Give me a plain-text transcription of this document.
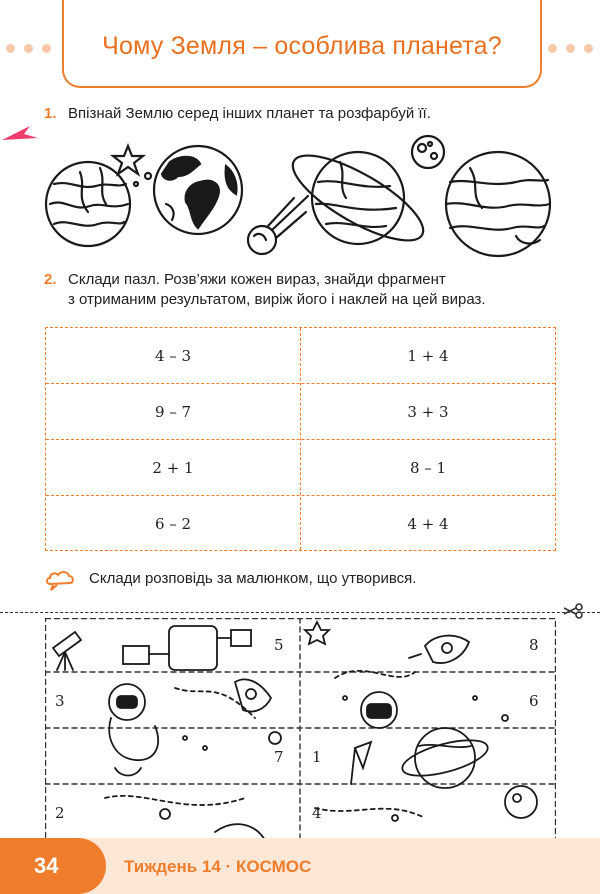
Чому Земля – особлива планета?
1. Впізнай Землю серед інших планет та розфарбуй її.
2. Склади пазл. Розв’яжи кожен вираз, знайди фрагмент
з отриманим результатом, виріж його і наклей на цей вираз.
4 – 3	1 + 4
9 – 7	3 + 3
2 + 1	8 – 1
6 – 2	4 + 4
Склади розповідь за малюнком, що утворився.
5	8
3	6
7 1
2	4
34	Тиждень 14 · КОСМОС
